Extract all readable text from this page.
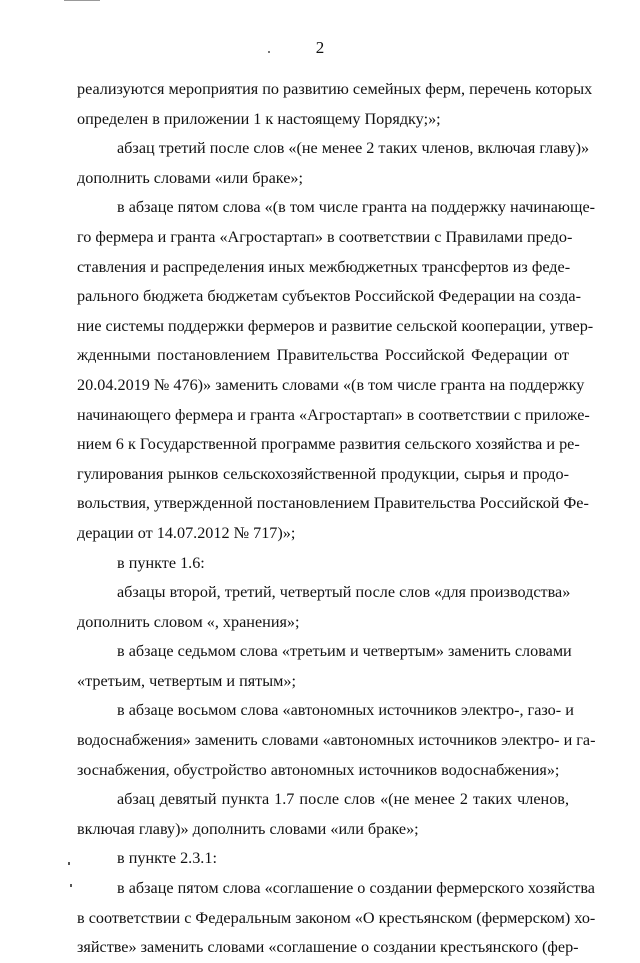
2
реализуются мероприятия по развитию семейных ферм, перечень которых
определен в приложении 1 к настоящему Порядку;»;
абзац третий после слов «(не менее 2 таких членов, включая главу)»
дополнить словами «или браке»;
в абзаце пятом слова «(в том числе гранта на поддержку начинающе-
го фермера и гранта «Агростартап» в соответствии с Правилами предо-
ставления и распределения иных межбюджетных трансфертов из феде-
рального бюджета бюджетам субъектов Российской Федерации на созда-
ние системы поддержки фермеров и развитие сельской кооперации, утвер-
жденными постановлением Правительства Российской Федерации от
20.04.2019 № 476)» заменить словами «(в том числе гранта на поддержку
начинающего фермера и гранта «Агростартап» в соответствии с приложе-
нием 6 к Государственной программе развития сельского хозяйства и ре-
гулирования рынков сельскохозяйственной продукции, сырья и продо-
вольствия, утвержденной постановлением Правительства Российской Фе-
дерации от 14.07.2012 № 717)»;
в пункте 1.6:
абзацы второй, третий, четвертый после слов «для производства»
дополнить словом «, хранения»;
в абзаце седьмом слова «третьим и четвертым» заменить словами
«третьим, четвертым и пятым»;
в абзаце восьмом слова «автономных источников электро-, газо- и
водоснабжения» заменить словами «автономных источников электро- и га-
зоснабжения, обустройство автономных источников водоснабжения»;
абзац девятый пункта 1.7 после слов «(не менее 2 таких членов,
включая главу)» дополнить словами «или браке»;
в пункте 2.3.1:
в абзаце пятом слова «соглашение о создании фермерского хозяйства
в соответствии с Федеральным законом «О крестьянском (фермерском) хо-
зяйстве» заменить словами «соглашение о создании крестьянского (фер-
